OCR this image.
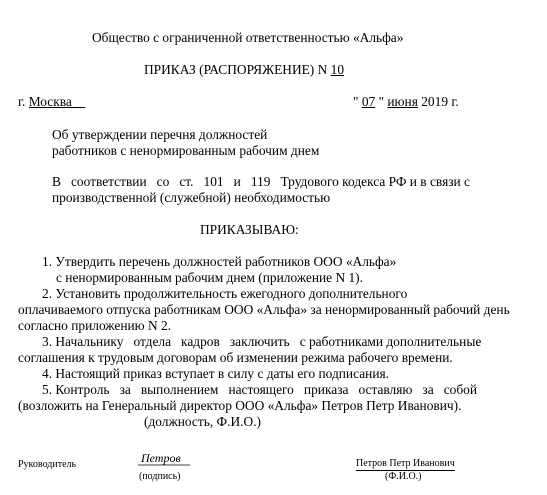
Общество с ограниченной ответственностью «Альфа»
ПРИКАЗ (РАСПОРЯЖЕНИЕ) N 10
г. Москва	" 07 " июня 2019 г.
Об утверждении перечня должностей
работников с ненормированным рабочим днем
В   соответствии   со   ст.   101   и   119   Трудового кодекса РФ и в связи с
производственной (служебной) необходимостью
ПРИКАЗЫВАЮ:
1. Утвердить перечень должностей работников ООО «Альфа»
с ненормированным рабочим днем (приложение N 1).
2. Установить продолжительность ежегодного дополнительного
оплачиваемого отпуска работникам ООО «Альфа» за ненормированный рабочий день
согласно приложению N 2.
3. Начальнику   отдела   кадров   заключить   с работниками дополнительные
соглашения к трудовым договорам об изменении режима рабочего времени.
4. Настоящий приказ вступает в силу с даты его подписания.
5. Контроль   за   выполнением   настоящего   приказа   оставляю   за   собой
(возложить на Генеральный директор ООО «Альфа» Петров Петр Иванович).
(должность, Ф.И.О.)
Руководитель	Петров
(подпись)
Петров Петр Иванович
(Ф.И.О.)
